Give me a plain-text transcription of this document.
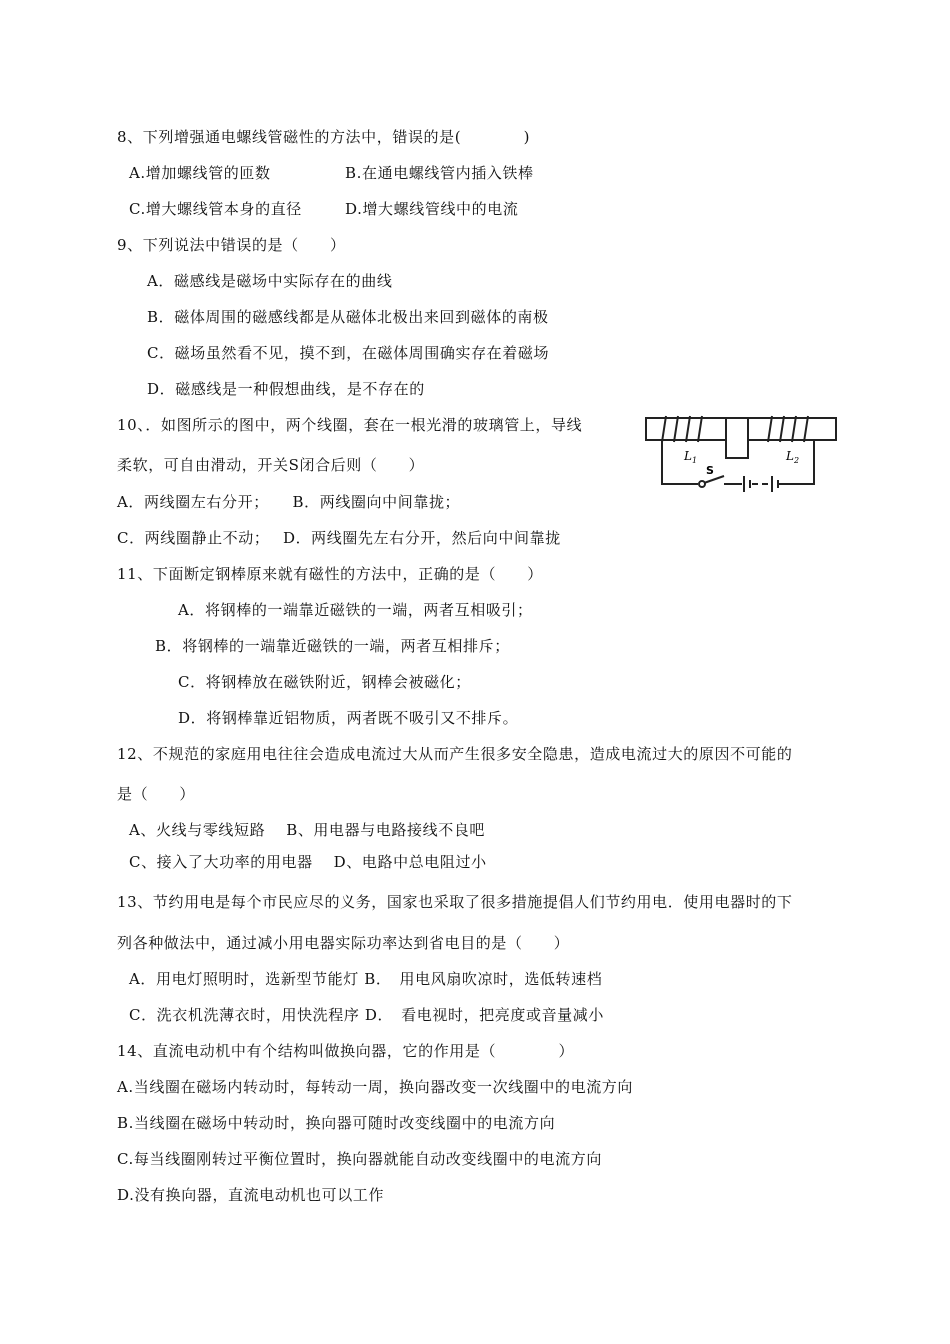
8、下列增强通电螺线管磁性的方法中，错误的是(　　　　)
A.增加螺线管的匝数	B.在通电螺线管内插入铁棒
C.增大螺线管本身的直径	D.增大螺线管线中的电流
9、下列说法中错误的是（　　）
A．磁感线是磁场中实际存在的曲线
B．磁体周围的磁感线都是从磁体北极出来回到磁体的南极
C．磁场虽然看不见，摸不到，在磁体周围确实存在着磁场
D．磁感线是一种假想曲线，是不存在的
10、．如图所示的图中，两个线圈，套在一根光滑的玻璃管上，导线
柔软，可自由滑动，开关S闭合后则（　　）
A．两线圈左右分开；　　B．两线圈向中间靠拢；
C．两线圈静止不动；　 D．两线圈先左右分开，然后向中间靠拢
$L_1$	$L_2$
S
11、下面断定钢棒原来就有磁性的方法中，正确的是（　　）
A．将钢棒的一端靠近磁铁的一端，两者互相吸引；
B．将钢棒的一端靠近磁铁的一端，两者互相排斥；
C．将钢棒放在磁铁附近，钢棒会被磁化；
D．将钢棒靠近铝物质，两者既不吸引又不排斥。
12、不规范的家庭用电往往会造成电流过大从而产生很多安全隐患，造成电流过大的原因不可能的
是（　　）
A、火线与零线短路　 B、用电器与电路接线不良吧
C、接入了大功率的用电器　 D、电路中总电阻过小
13、节约用电是每个市民应尽的义务，国家也采取了很多措施提倡人们节约用电．使用电器时的下
列各种做法中，通过减小用电器实际功率达到省电目的是（　　）
A．用电灯照明时，选新型节能灯 B．　用电风扇吹凉时，选低转速档
C．洗衣机洗薄衣时，用快洗程序 D．　看电视时，把亮度或音量减小
14、直流电动机中有个结构叫做换向器，它的作用是（　　　　）
A.当线圈在磁场内转动时，每转动一周，换向器改变一次线圈中的电流方向
B.当线圈在磁场中转动时，换向器可随时改变线圈中的电流方向
C.每当线圈刚转过平衡位置时，换向器就能自动改变线圈中的电流方向
D.没有换向器，直流电动机也可以工作
